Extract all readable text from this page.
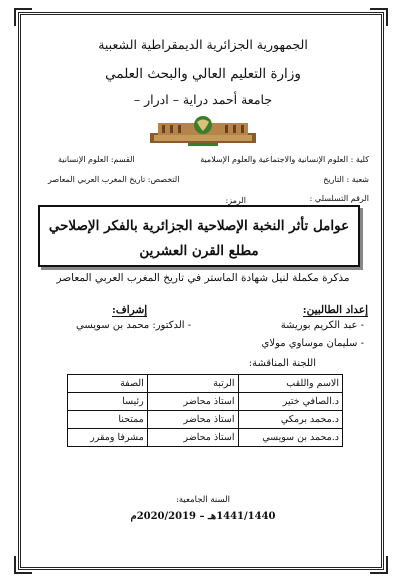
الجمهورية الجزائرية الديمقراطية الشعبية
وزارة التعليم العالي والبحث العلمي
جامعة أحمد دراية – ادرار –
كلية : العلوم الإنسانية والاجتماعية والعلوم الإسلامية
القسم: العلوم الإنسانية
شعبة : التاريخ
التخصص: تاريخ المغرب العربي المعاصر
الرقم التسلسلي :
عوامل تأثر النخبة الإصلاحية الجزائرية بالفكر الإصلاحي
مطلع القرن العشرين
الرمز:
مذكرة مكملة لنيل شهادة الماستر في تاريخ المغرب العربي المعاصر
إعداد الطالبين:
إشراف:
- عبد الكريم بوريشة
- سليمان موساوي مولاي
- الدكتور: محمد بن سويسي
اللجنة المناقشة:
الاسم واللقب	الرتبة	الصفة
د.الصافي ختير	استاذ محاضر	رئيسا
د.محمد برمكي	استاذ محاضر	ممتحنا
د.محمد بن سويسي	استاذ محاضر	مشرفا ومقرر
السنة الجامعية:
1441/1440هـ – 2020/2019م
